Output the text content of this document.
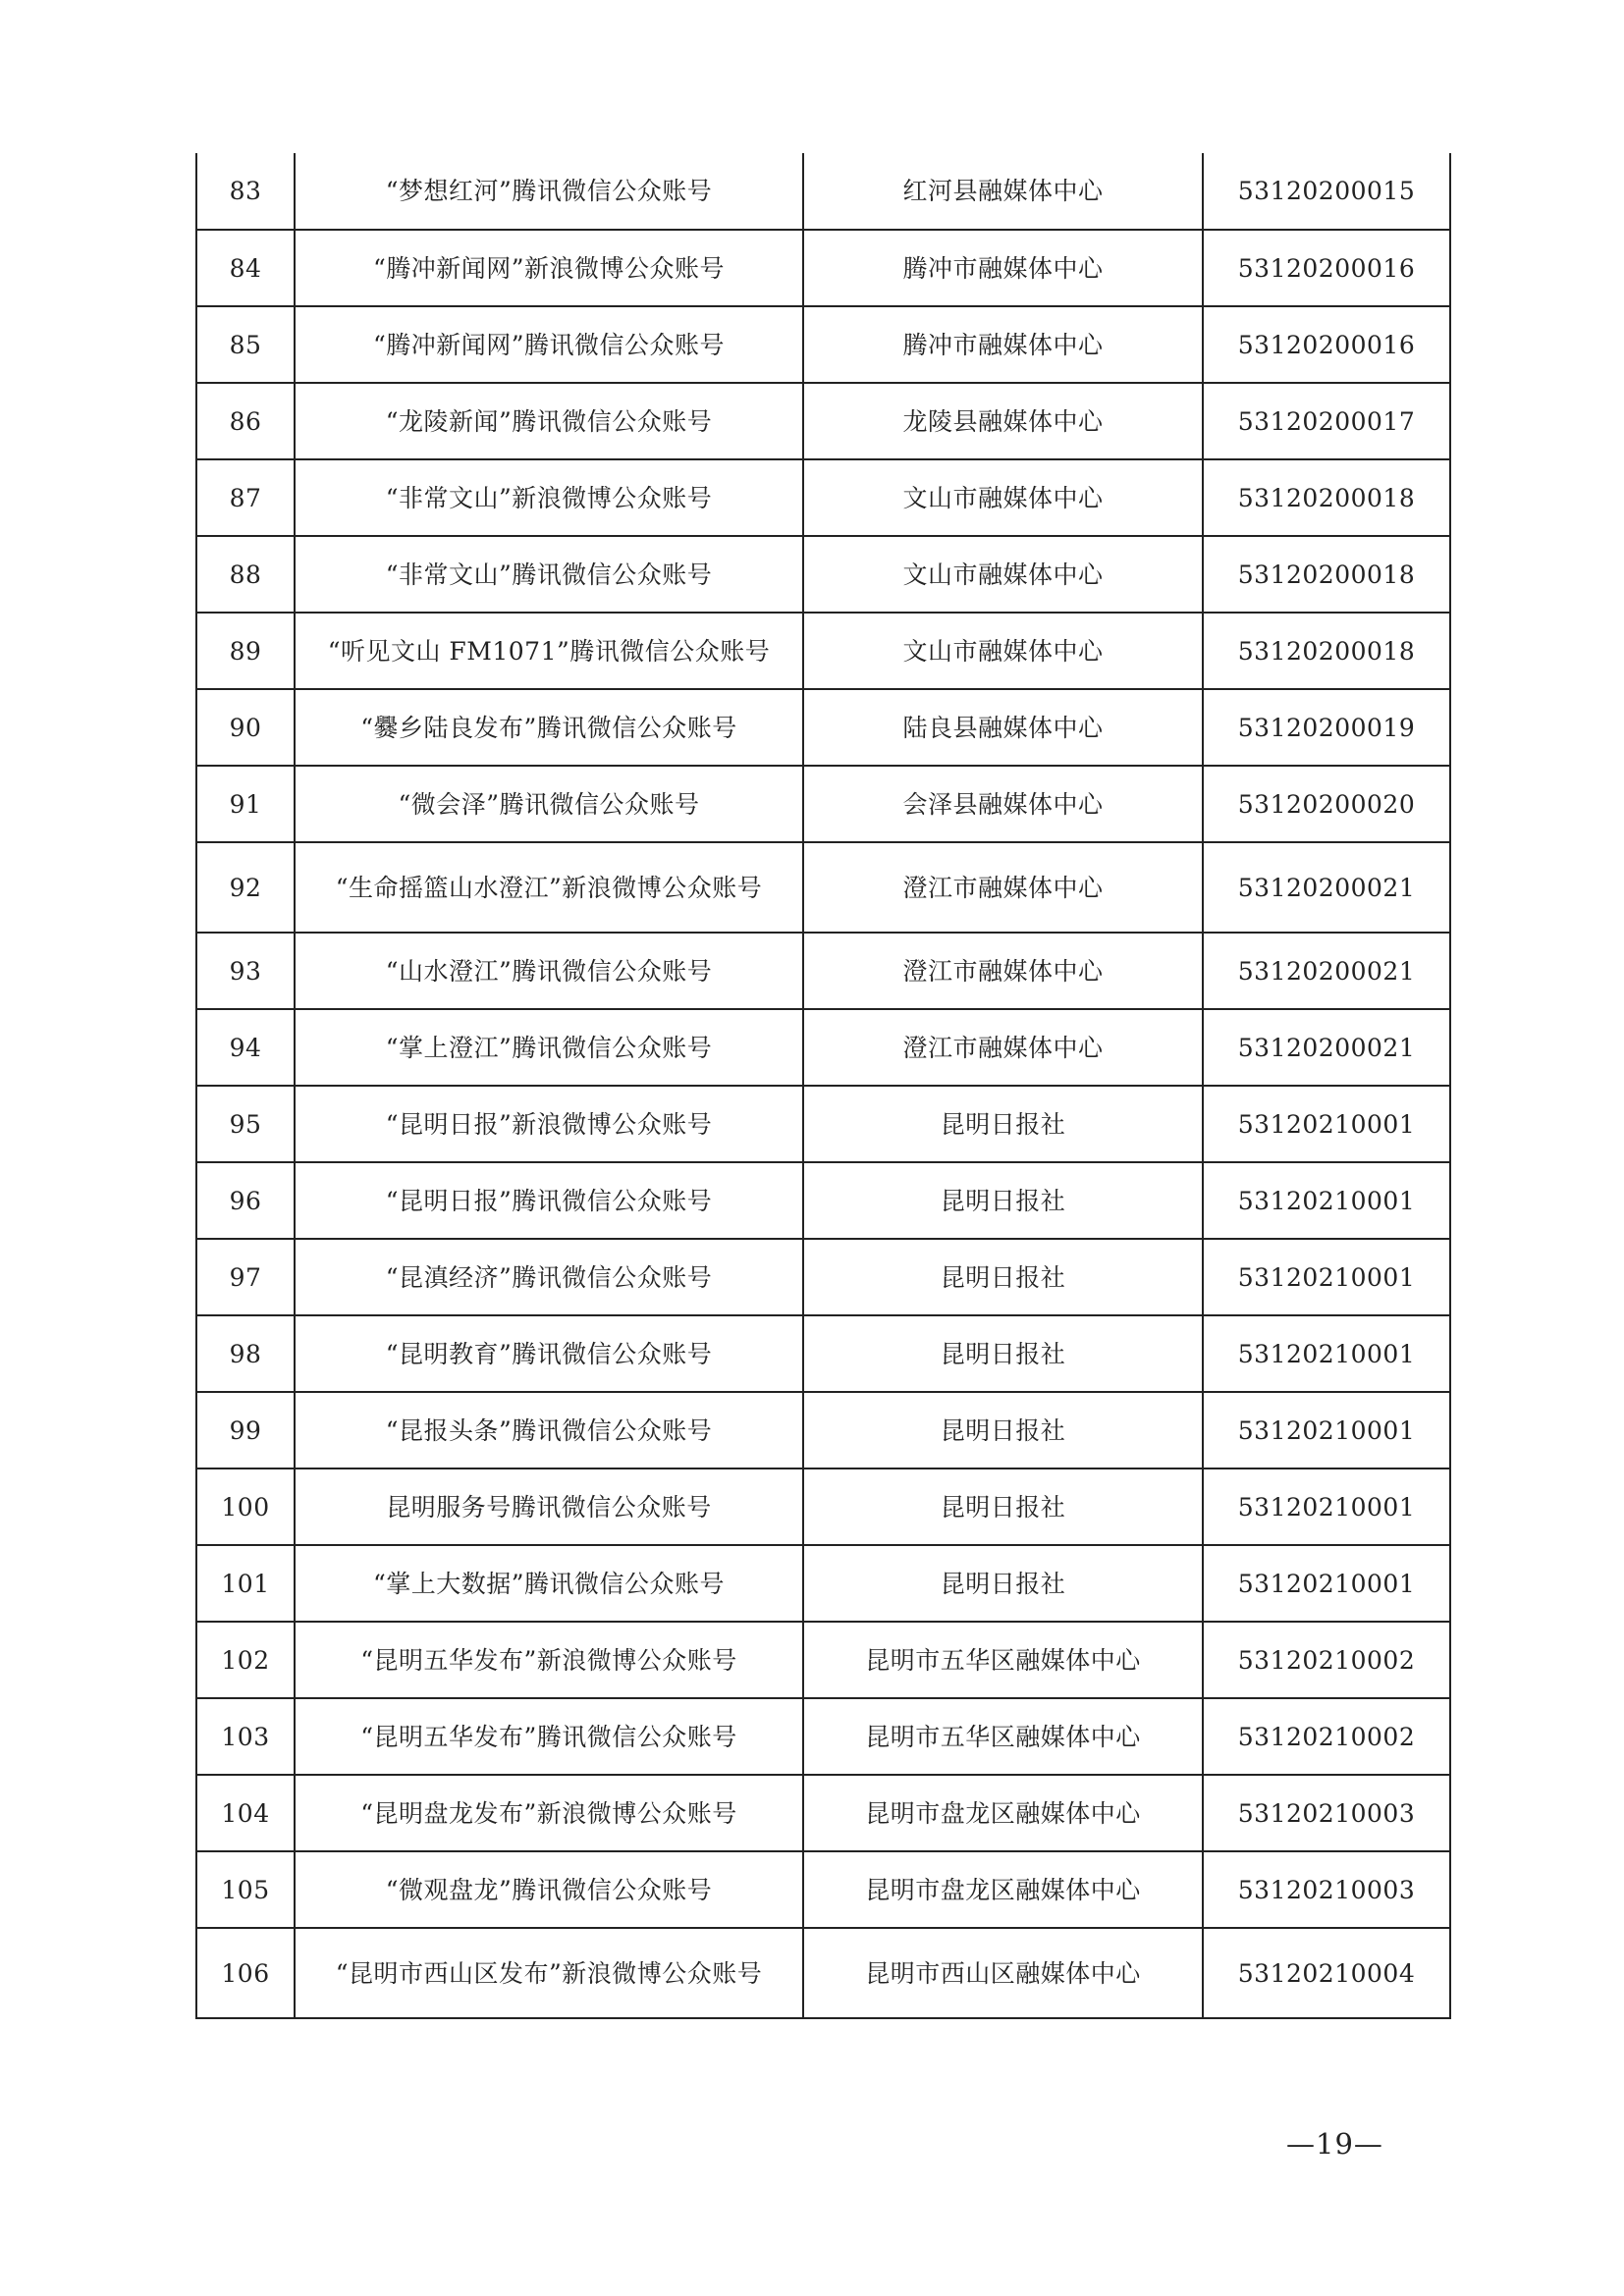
83	“梦想红河”腾讯微信公众账号	红河县融媒体中心	53120200015
84	“腾冲新闻网”新浪微博公众账号	腾冲市融媒体中心	53120200016
85	“腾冲新闻网”腾讯微信公众账号	腾冲市融媒体中心	53120200016
86	“龙陵新闻”腾讯微信公众账号	龙陵县融媒体中心	53120200017
87	“非常文山”新浪微博公众账号	文山市融媒体中心	53120200018
88	“非常文山”腾讯微信公众账号	文山市融媒体中心	53120200018
89	“听见文山 FM1071”腾讯微信公众账号	文山市融媒体中心	53120200018
90	“爨乡陆良发布”腾讯微信公众账号	陆良县融媒体中心	53120200019
91	“微会泽”腾讯微信公众账号	会泽县融媒体中心	53120200020
92	“生命摇篮山水澄江”新浪微博公众账号	澄江市融媒体中心	53120200021
93	“山水澄江”腾讯微信公众账号	澄江市融媒体中心	53120200021
94	“掌上澄江”腾讯微信公众账号	澄江市融媒体中心	53120200021
95	“昆明日报”新浪微博公众账号	昆明日报社	53120210001
96	“昆明日报”腾讯微信公众账号	昆明日报社	53120210001
97	“昆滇经济”腾讯微信公众账号	昆明日报社	53120210001
98	“昆明教育”腾讯微信公众账号	昆明日报社	53120210001
99	“昆报头条”腾讯微信公众账号	昆明日报社	53120210001
100	昆明服务号腾讯微信公众账号	昆明日报社	53120210001
101	“掌上大数据”腾讯微信公众账号	昆明日报社	53120210001
102	“昆明五华发布”新浪微博公众账号	昆明市五华区融媒体中心	53120210002
103	“昆明五华发布”腾讯微信公众账号	昆明市五华区融媒体中心	53120210002
104	“昆明盘龙发布”新浪微博公众账号	昆明市盘龙区融媒体中心	53120210003
105	“微观盘龙”腾讯微信公众账号	昆明市盘龙区融媒体中心	53120210003
106	“昆明市西山区发布”新浪微博公众账号	昆明市西山区融媒体中心	53120210004
—19—
